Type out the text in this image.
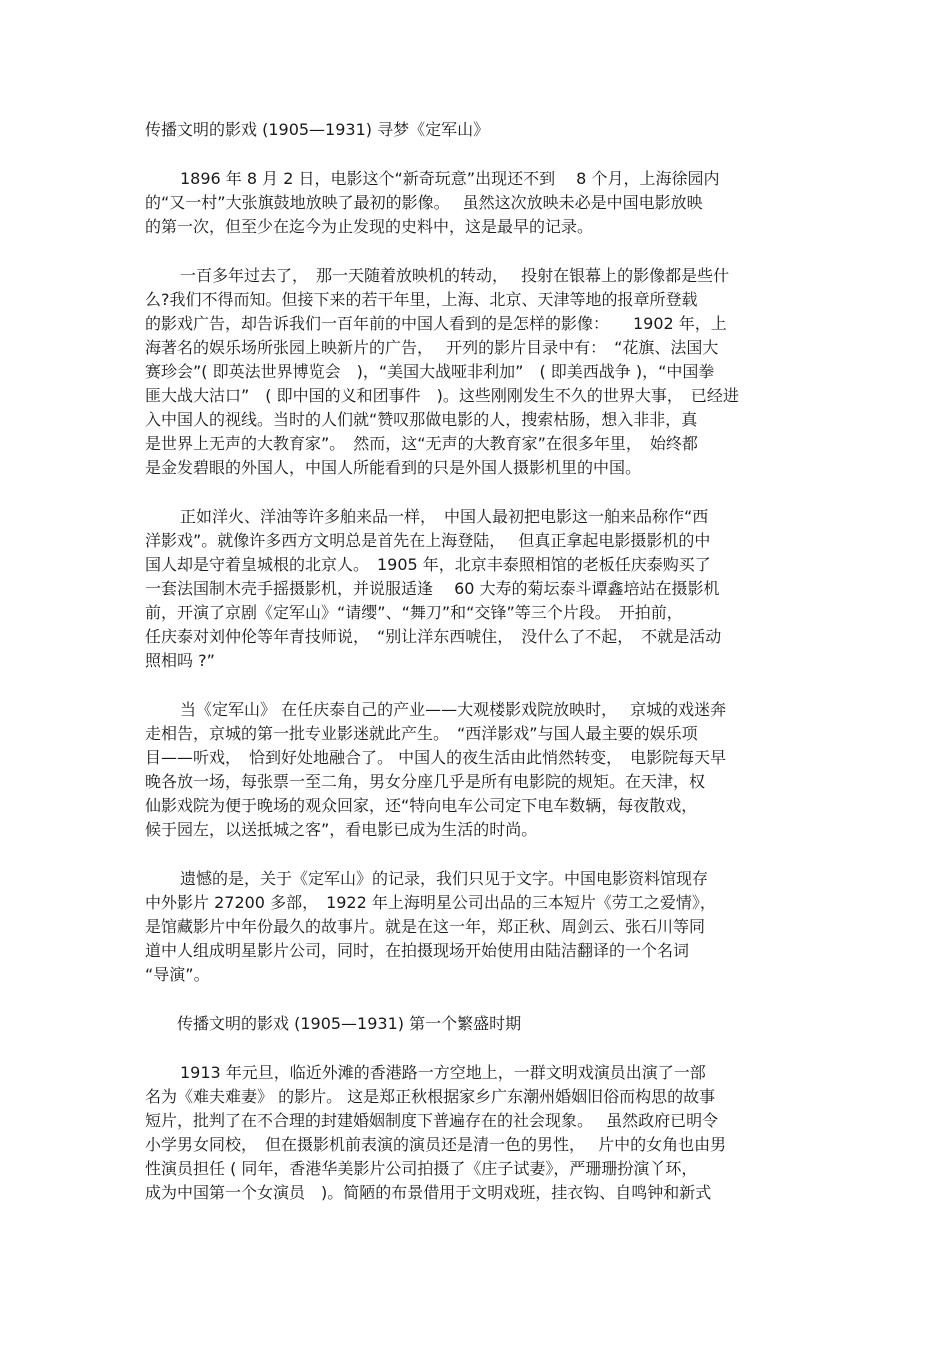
传播文明的影戏 (1905—1931) 寻梦《定军山》

1896 年 8 月 2 日，电影这个“新奇玩意”出现还不到　 8 个月，上海徐园内
的“又一村”大张旗鼓地放映了最初的影像。　 虽然这次放映未必是中国电影放映
的第一次，但至少在迄今为止发现的史料中，这是最早的记录。

一百多年过去了，　那一天随着放映机的转动，　 投射在银幕上的影像都是些什
么?我们不得而知。但接下来的若干年里，上海、北京、天津等地的报章所登载
的影戏广告，却告诉我们一百年前的中国人看到的是怎样的影像：　　1902 年，上
海著名的娱乐场所张园上映新片的广告，　 开列的影片目录中有：　“花旗、法国大
赛珍会”( 即英法世界博览会　)，“美国大战哑非利加”　( 即美西战争 )，“中国拳
匪大战大沽口”　( 即中国的义和团事件　)。这些刚刚发生不久的世界大事，　已经进
入中国人的视线。当时的人们就“赞叹那做电影的人，搜索枯肠，想入非非，真
是世界上无声的大教育家”。　然而，这“无声的大教育家”在很多年里，　始终都
是金发碧眼的外国人，中国人所能看到的只是外国人摄影机里的中国。

正如洋火、洋油等许多舶来品一样，　中国人最初把电影这一舶来品称作“西
洋影戏”。就像许多西方文明总是首先在上海登陆，　 但真正拿起电影摄影机的中
国人却是守着皇城根的北京人。　1905 年，北京丰泰照相馆的老板任庆泰购买了
一套法国制木壳手摇摄影机，并说服适逢　 60 大寿的菊坛泰斗谭鑫培站在摄影机
前，开演了京剧《定军山》“请缨”、“舞刀”和“交锋”等三个片段。　开拍前，
任庆泰对刘仲伦等年青技师说，　“别让洋东西唬住，　没什么了不起，　不就是活动
照相吗 ?”

当《定军山》 在任庆泰自己的产业——大观楼影戏院放映时，　 京城的戏迷奔
走相告，京城的第一批专业影迷就此产生。　“西洋影戏”与国人最主要的娱乐项
目——听戏，　恰到好处地融合了。 中国人的夜生活由此悄然转变，　电影院每天早
晚各放一场，每张票一至二角，男女分座几乎是所有电影院的规矩。在天津，权
仙影戏院为便于晚场的观众回家，还“特向电车公司定下电车数辆，每夜散戏，
候于园左，以送抵城之客”，看电影已成为生活的时尚。

遗憾的是，关于《定军山》的记录，我们只见于文字。中国电影资料馆现存
中外影片 27200 多部，　1922 年上海明星公司出品的三本短片《劳工之爱情》，
是馆藏影片中年份最久的故事片。就是在这一年，郑正秋、周剑云、张石川等同
道中人组成明星影片公司，同时，在拍摄现场开始使用由陆洁翻译的一个名词
“导演”。

传播文明的影戏 (1905—1931) 第一个繁盛时期

1913 年元旦，临近外滩的香港路一方空地上，一群文明戏演员出演了一部
名为《难夫难妻》 的影片。 这是郑正秋根据家乡广东潮州婚姻旧俗而构思的故事
短片，批判了在不合理的封建婚姻制度下普遍存在的社会现象。　 虽然政府已明令
小学男女同校，　但在摄影机前表演的演员还是清一色的男性，　 片中的女角也由男
性演员担任 ( 同年，香港华美影片公司拍摄了《庄子试妻》，严珊珊扮演丫环，
成为中国第一个女演员　)。简陋的布景借用于文明戏班，挂衣钩、自鸣钟和新式
